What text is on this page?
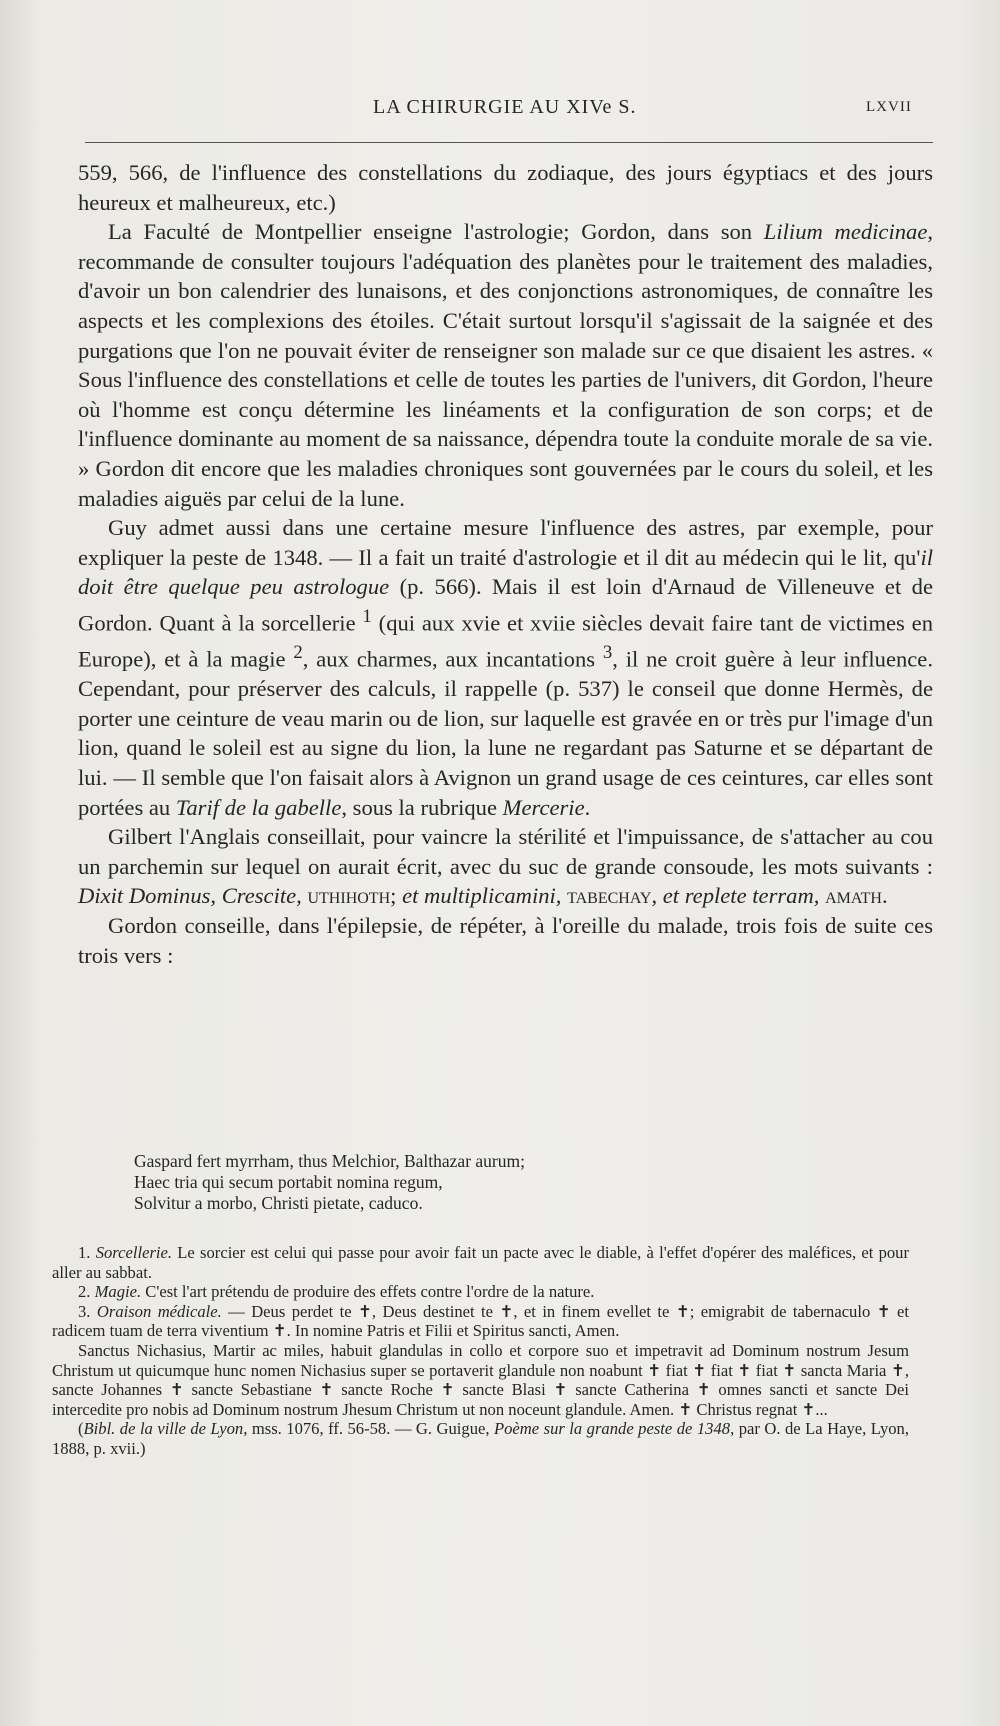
LA CHIRURGIE AU XIVe S.	LXVII

559, 566, de l'influence des constellations du zodiaque, des jours égyptiacs et des jours heureux et malheureux, etc.)

La Faculté de Montpellier enseigne l'astrologie; Gordon, dans son Lilium medicinae, recommande de consulter toujours l'adéquation des planètes pour le traitement des maladies, d'avoir un bon calendrier des lunaisons, et des conjonctions astronomiques, de connaître les aspects et les complexions des étoiles. C'était surtout lorsqu'il s'agissait de la saignée et des purgations que l'on ne pouvait éviter de renseigner son malade sur ce que disaient les astres. « Sous l'influence des constellations et celle de toutes les parties de l'univers, dit Gordon, l'heure où l'homme est conçu détermine les linéaments et la configuration de son corps; et de l'influence dominante au moment de sa naissance, dépendra toute la conduite morale de sa vie. » Gordon dit encore que les maladies chroniques sont gouvernées par le cours du soleil, et les maladies aiguës par celui de la lune.

Guy admet aussi dans une certaine mesure l'influence des astres, par exemple, pour expliquer la peste de 1348. — Il a fait un traité d'astrologie et il dit au médecin qui le lit, qu'il doit être quelque peu astrologue (p. 566). Mais il est loin d'Arnaud de Villeneuve et de Gordon. Quant à la sorcellerie $^1$ (qui aux xvie et xviie siècles devait faire tant de victimes en Europe), et à la magie $^2$, aux charmes, aux incantations $^3$, il ne croit guère à leur influence. Cependant, pour préserver des calculs, il rappelle (p. 537) le conseil que donne Hermès, de porter une ceinture de veau marin ou de lion, sur laquelle est gravée en or très pur l'image d'un lion, quand le soleil est au signe du lion, la lune ne regardant pas Saturne et se départant de lui. — Il semble que l'on faisait alors à Avignon un grand usage de ces ceintures, car elles sont portées au Tarif de la gabelle, sous la rubrique Mercerie.

Gilbert l'Anglais conseillait, pour vaincre la stérilité et l'impuissance, de s'attacher au cou un parchemin sur lequel on aurait écrit, avec du suc de grande consoude, les mots suivants : Dixit Dominus, Crescite, uthihoth; et multiplicamini, tabechay, et replete terram, amath.

Gordon conseille, dans l'épilepsie, de répéter, à l'oreille du malade, trois fois de suite ces trois vers :

Gaspard fert myrrham, thus Melchior, Balthazar aurum;
Haec tria qui secum portabit nomina regum,
Solvitur a morbo, Christi pietate, caduco.

1. Sorcellerie. Le sorcier est celui qui passe pour avoir fait un pacte avec le diable, à l'effet d'opérer des maléfices, et pour aller au sabbat.

2. Magie. C'est l'art prétendu de produire des effets contre l'ordre de la nature.

3. Oraison médicale. — Deus perdet te ✝, Deus destinet te ✝, et in finem evellet te ✝; emigrabit de tabernaculo ✝ et radicem tuam de terra viventium ✝. In nomine Patris et Filii et Spiritus sancti, Amen.

Sanctus Nichasius, Martir ac miles, habuit glandulas in collo et corpore suo et impetravit ad Dominum nostrum Jesum Christum ut quicumque hunc nomen Nichasius super se portaverit glandule non noabunt ✝ fiat ✝ fiat ✝ fiat ✝ sancta Maria ✝, sancte Johannes ✝ sancte Sebastiane ✝ sancte Roche ✝ sancte Blasi ✝ sancte Catherina ✝ omnes sancti et sancte Dei intercedite pro nobis ad Dominum nostrum Jhesum Christum ut non noceunt glandule. Amen. ✝ Christus regnat ✝...

(Bibl. de la ville de Lyon, mss. 1076, ff. 56-58. — G. Guigue, Poème sur la grande peste de 1348, par O. de La Haye, Lyon, 1888, p. xvii.)
